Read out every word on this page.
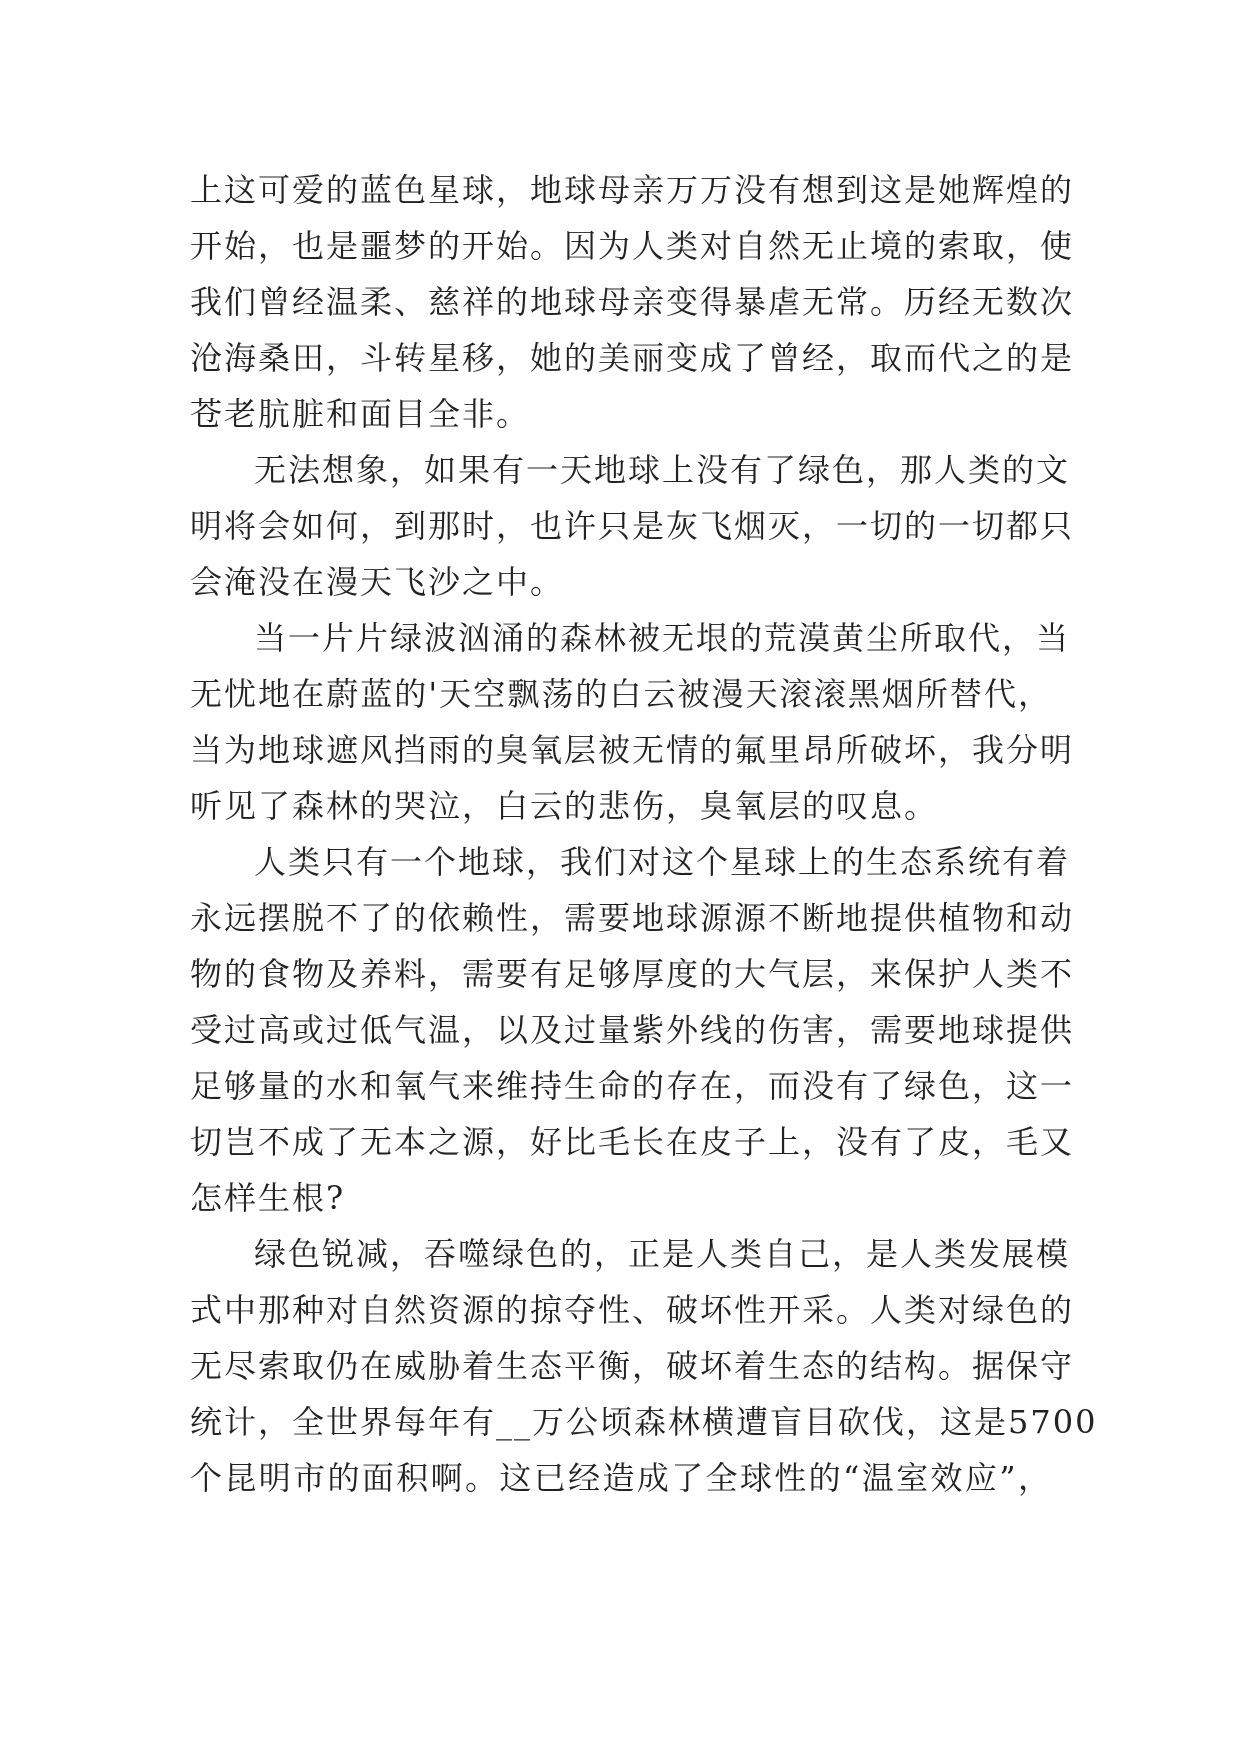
上这可爱的蓝色星球，地球母亲万万没有想到这是她辉煌的
开始，也是噩梦的开始。因为人类对自然无止境的索取，使
我们曾经温柔、慈祥的地球母亲变得暴虐无常。历经无数次
沧海桑田，斗转星移，她的美丽变成了曾经，取而代之的是
苍老肮脏和面目全非。
无法想象，如果有一天地球上没有了绿色，那人类的文
明将会如何，到那时，也许只是灰飞烟灭，一切的一切都只
会淹没在漫天飞沙之中。
当一片片绿波汹涌的森林被无垠的荒漠黄尘所取代，当
无忧地在蔚蓝的'天空飘荡的白云被漫天滚滚黑烟所替代，
当为地球遮风挡雨的臭氧层被无情的氟里昂所破坏，我分明
听见了森林的哭泣，白云的悲伤，臭氧层的叹息。
人类只有一个地球，我们对这个星球上的生态系统有着
永远摆脱不了的依赖性，需要地球源源不断地提供植物和动
物的食物及养料，需要有足够厚度的大气层，来保护人类不
受过高或过低气温，以及过量紫外线的伤害，需要地球提供
足够量的水和氧气来维持生命的存在，而没有了绿色，这一
切岂不成了无本之源，好比毛长在皮子上，没有了皮，毛又
怎样生根?
绿色锐减，吞噬绿色的，正是人类自己，是人类发展模
式中那种对自然资源的掠夺性、破坏性开采。人类对绿色的
无尽索取仍在威胁着生态平衡，破坏着生态的结构。据保守
统计，全世界每年有__万公顷森林横遭盲目砍伐，这是5700
个昆明市的面积啊。这已经造成了全球性的“温室效应”，
